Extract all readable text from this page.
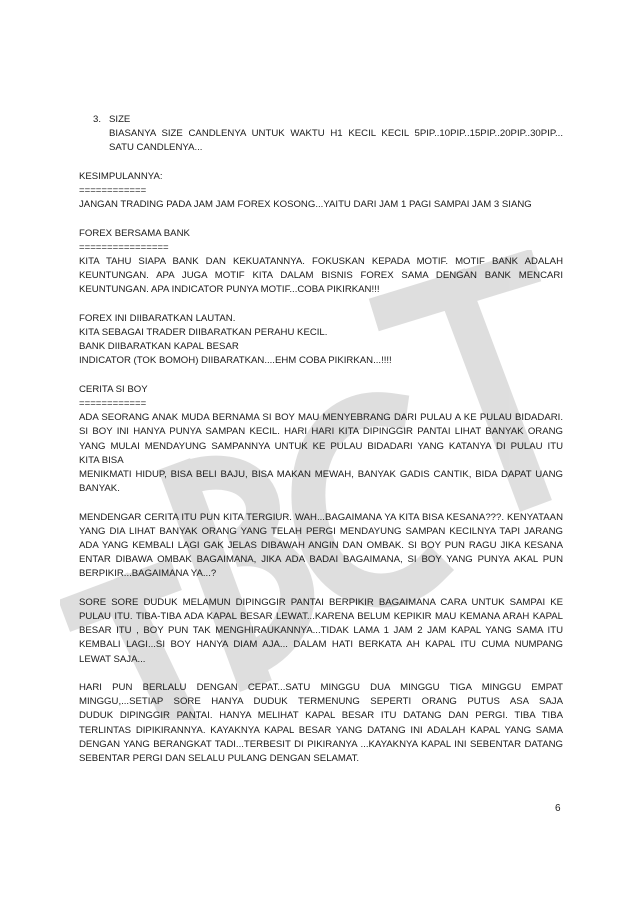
3. SIZE
BIASANYA SIZE CANDLENYA UNTUK WAKTU H1 KECIL KECIL 5PIP..10PIP..15PIP..20PIP..30PIP...
SATU CANDLENYA...
KESIMPULANNYA:
============
JANGAN TRADING PADA JAM JAM FOREX KOSONG...YAITU DARI JAM 1 PAGI SAMPAI JAM 3 SIANG
FOREX BERSAMA BANK
================
KITA TAHU SIAPA BANK DAN KEKUATANNYA. FOKUSKAN KEPADA MOTIF. MOTIF BANK ADALAH
KEUNTUNGAN. APA JUGA MOTIF KITA DALAM BISNIS FOREX SAMA DENGAN BANK MENCARI
KEUNTUNGAN. APA INDICATOR PUNYA MOTIF...COBA PIKIRKAN!!!
FOREX INI DIIBARATKAN LAUTAN.
KITA SEBAGAI TRADER DIIBARATKAN PERAHU KECIL.
BANK DIIBARATKAN KAPAL BESAR
INDICATOR (TOK BOMOH) DIIBARATKAN....EHM COBA PIKIRKAN...!!!!
CERITA SI BOY
============
ADA SEORANG ANAK MUDA BERNAMA SI BOY MAU MENYEBRANG DARI PULAU A KE PULAU BIDADARI.
SI BOY INI HANYA PUNYA SAMPAN KECIL. HARI HARI KITA DIPINGGIR PANTAI LIHAT BANYAK ORANG
YANG MULAI MENDAYUNG SAMPANNYA UNTUK KE PULAU BIDADARI YANG KATANYA DI PULAU ITU
KITA BISA
MENIKMATI HIDUP, BISA BELI BAJU, BISA MAKAN MEWAH, BANYAK GADIS CANTIK, BIDA DAPAT UANG
BANYAK.
MENDENGAR CERITA ITU PUN KITA TERGIUR. WAH...BAGAIMANA YA KITA BISA KESANA???. KENYATAAN
YANG DIA LIHAT BANYAK ORANG YANG TELAH PERGI MENDAYUNG SAMPAN KECILNYA TAPI JARANG
ADA YANG KEMBALI LAGI GAK JELAS DIBAWAH ANGIN DAN OMBAK. SI BOY PUN RAGU JIKA KESANA
ENTAR DIBAWA OMBAK BAGAIMANA, JIKA ADA BADAI BAGAIMANA, SI BOY YANG PUNYA AKAL PUN
BERPIKIR...BAGAIMANA YA...?
SORE SORE DUDUK MELAMUN DIPINGGIR PANTAI BERPIKIR BAGAIMANA CARA UNTUK SAMPAI KE
PULAU ITU. TIBA-TIBA ADA KAPAL BESAR LEWAT...KARENA BELUM KEPIKIR MAU KEMANA ARAH KAPAL
BESAR ITU , BOY PUN TAK MENGHIRAUKANNYA...TIDAK LAMA 1 JAM 2 JAM KAPAL YANG SAMA ITU
KEMBALI LAGI...SI BOY HANYA DIAM AJA... DALAM HATI BERKATA AH KAPAL ITU CUMA NUMPANG
LEWAT SAJA...
HARI PUN BERLALU DENGAN CEPAT...SATU MINGGU DUA MINGGU TIGA MINGGU EMPAT
MINGGU,...SETIAP SORE HANYA DUDUK TERMENUNG SEPERTI ORANG PUTUS ASA SAJA
DUDUK DIPINGGIR PANTAI. HANYA MELIHAT KAPAL BESAR ITU DATANG DAN PERGI. TIBA TIBA
TERLINTAS DIPIKIRANNYA. KAYAKNYA KAPAL BESAR YANG DATANG INI ADALAH KAPAL YANG SAMA
DENGAN YANG BERANGKAT TADI...TERBESIT DI PIKIRANYA ...KAYAKNYA KAPAL INI SEBENTAR DATANG
SEBENTAR PERGI DAN SELALU PULANG DENGAN SELAMAT.
6
